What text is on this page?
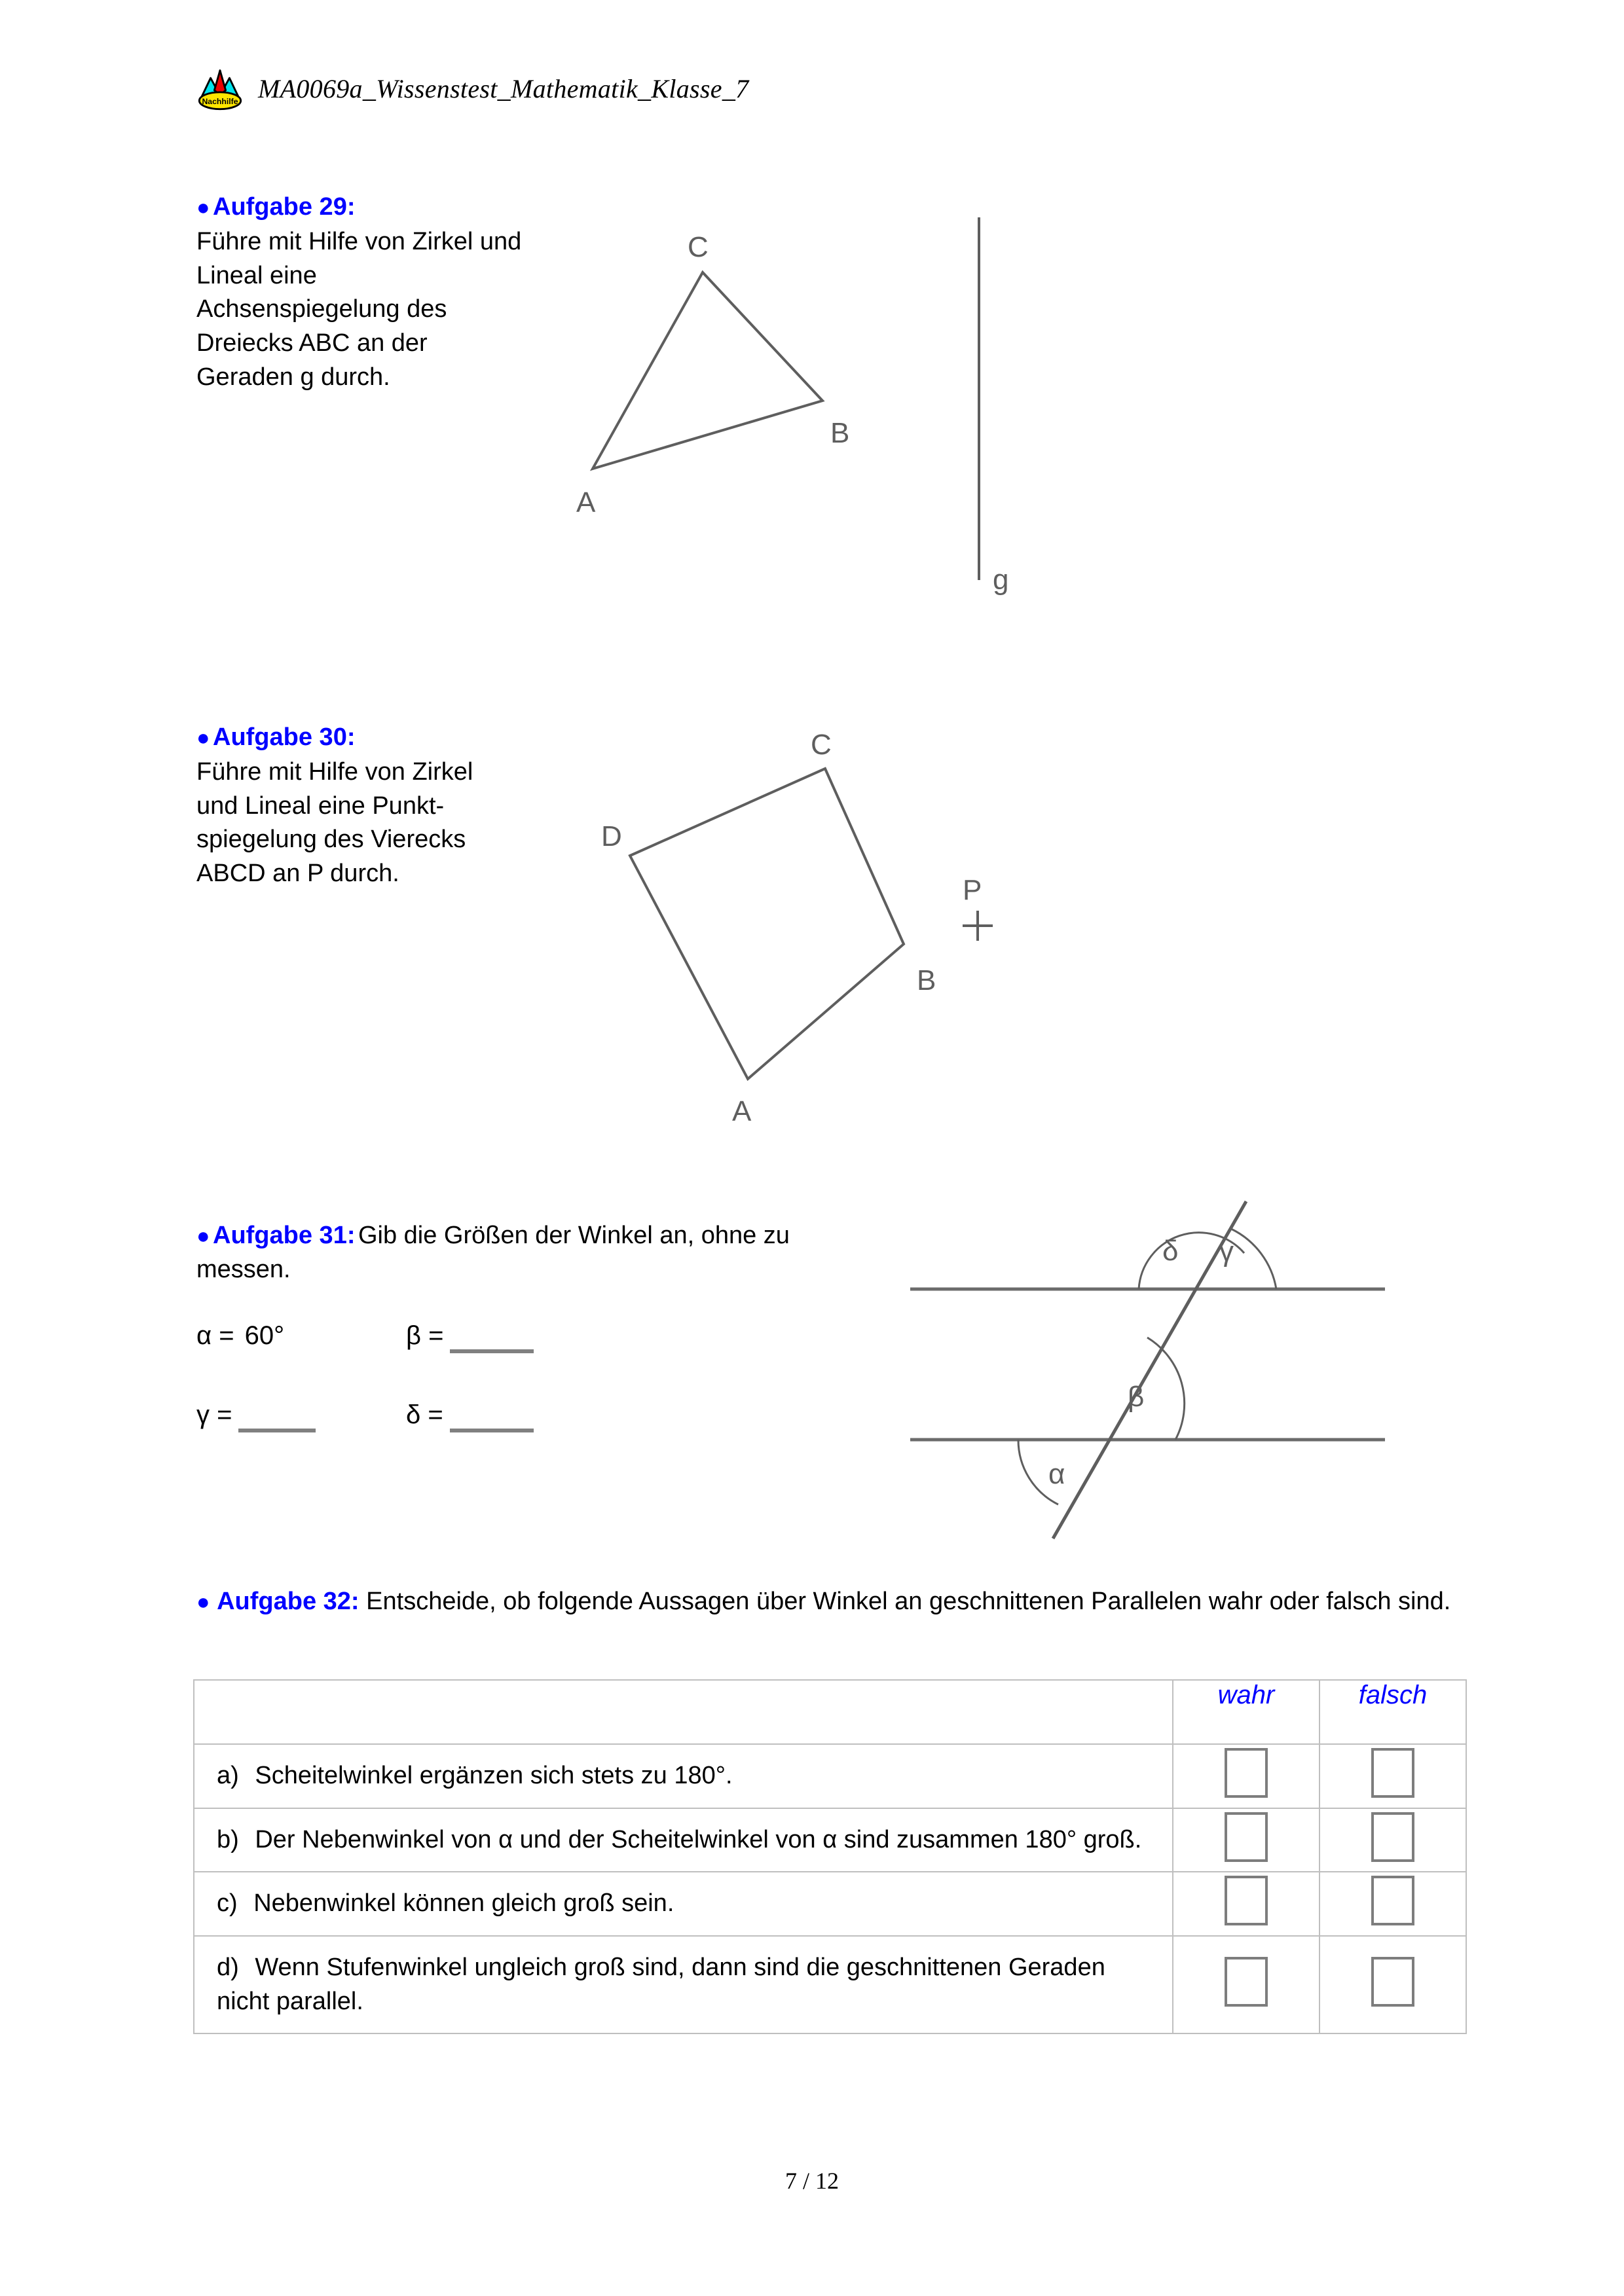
Nachhilfe MA0069a_Wissenstest_Mathematik_Klasse_7
● Aufgabe 29:
Führe mit Hilfe von Zirkel und Lineal eine Achsenspiegelung des Dreiecks ABC an der Geraden g durch.
A
B
C
g
● Aufgabe 30:
Führe mit Hilfe von Zirkel und Lineal eine Punkt-spiegelung des Vierecks ABCD an P durch.
A
B
C
D
P
● Aufgabe 31: Gib die Größen der Winkel an, ohne zu messen.
α = 60°	β =
γ =	δ =
δ γ
β
α
● Aufgabe 32: Entscheide, ob folgende Aussagen über Winkel an geschnittenen Parallelen wahr oder falsch sind.

	wahr	falsch

a) Scheitelwinkel ergänzen sich stets zu 180°.		
b) Der Nebenwinkel von α und der Scheitelwinkel von α sind zusammen 180° groß.		
c) Nebenwinkel können gleich groß sein.		
d) Wenn Stufenwinkel ungleich groß sind, dann sind die geschnittenen Geraden nicht parallel.		
7 / 12
